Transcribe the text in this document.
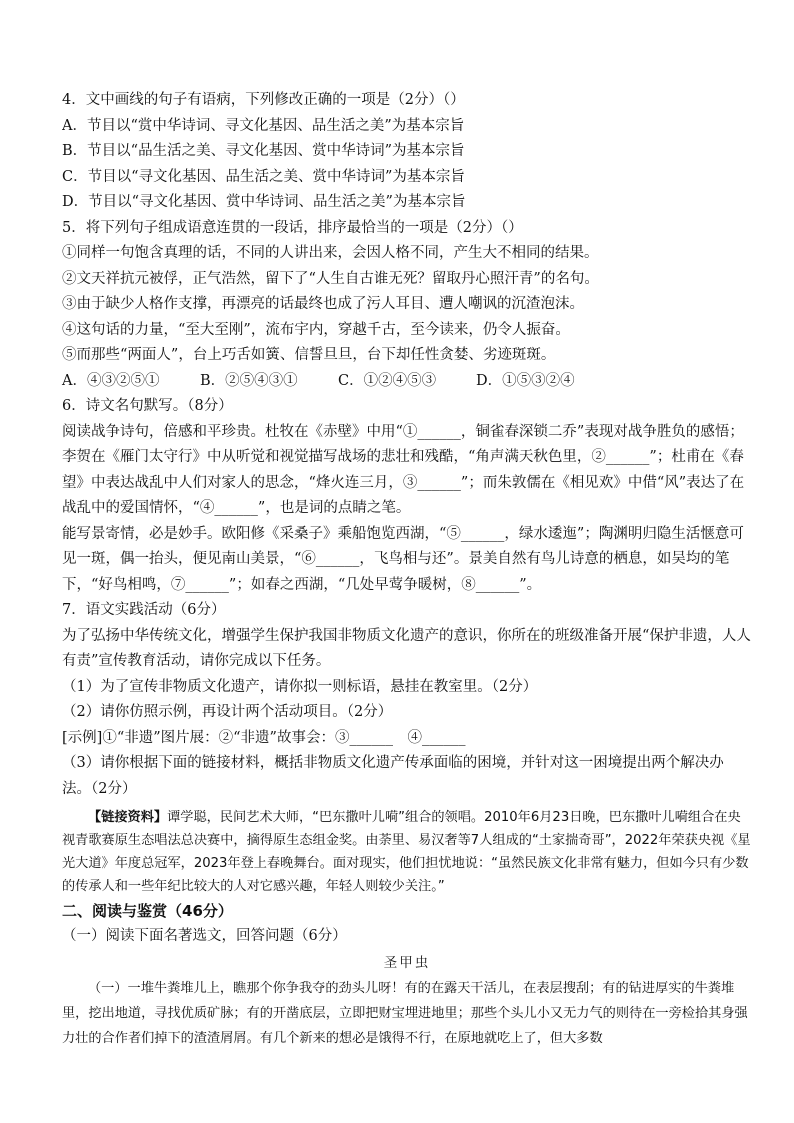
4．文中画线的句子有语病，下列修改正确的一项是（2分）（）
A．节目以“赏中华诗词、寻文化基因、品生活之美”为基本宗旨
B．节目以“品生活之美、寻文化基因、赏中华诗词”为基本宗旨
C．节目以“寻文化基因、品生活之美、赏中华诗词”为基本宗旨
D．节目以“寻文化基因、赏中华诗词、品生活之美”为基本宗旨
5．将下列句子组成语意连贯的一段话，排序最恰当的一项是（2分）（）
①同样一句饱含真理的话，不同的人讲出来，会因人格不同，产生大不相同的结果。
②文天祥抗元被俘，正气浩然，留下了“人生自古谁无死？留取丹心照汗青”的名句。
③由于缺少人格作支撑，再漂亮的话最终也成了污人耳目、遭人嘲讽的沉渣泡沫。
④这句话的力量，“至大至刚”，流布宇内，穿越千古，至今读来，仍令人振奋。
⑤而那些“两面人”，台上巧舌如簧、信誓旦旦，台下却任性贪婪、劣迹斑斑。
A．④③②⑤①	B．②⑤④③①	C．①②④⑤③	D．①⑤③②④
6．诗文名句默写。（8分）
阅读战争诗句，倍感和平珍贵。杜牧在《赤壁》中用“①______，铜雀春深锁二乔”表现对战争胜负的感悟；李贺在《雁门太守行》中从听觉和视觉描写战场的悲壮和残酷，“角声满天秋色里，②______”；杜甫在《春望》中表达战乱中人们对家人的思念，“烽火连三月，③______”；而朱敦儒在《相见欢》中借“风”表达了在战乱中的爱国情怀，“④______”，也是词的点睛之笔。
能写景寄情，必是妙手。欧阳修《采桑子》乘船饱览西湖，“⑤______，绿水逶迤”；陶渊明归隐生活惬意可见一斑，偶一抬头，便见南山美景，“⑥______，飞鸟相与还”。景美自然有鸟儿诗意的栖息，如吴均的笔下，“好鸟相鸣，⑦______”；如春之西湖，“几处早莺争暖树，⑧______”。
7．语文实践活动（6分）
为了弘扬中华传统文化，增强学生保护我国非物质文化遗产的意识，你所在的班级准备开展“保护非遗，人人有责”宣传教育活动，请你完成以下任务。
（1）为了宣传非物质文化遗产，请你拟一则标语，悬挂在教室里。（2分）
（2）请你仿照示例，再设计两个活动项目。（2分）
[示例]①“非遗”图片展：②“非遗”故事会：③______　④______
（3）请你根据下面的链接材料，概括非物质文化遗产传承面临的困境，并针对这一困境提出两个解决办法。（2分）
【链接资料】谭学聪，民间艺术大师，“巴东撒叶儿嗬”组合的领唱。2010年6月23日晚，巴东撒叶儿嗬组合在央视青歌赛原生态唱法总决赛中，摘得原生态组金奖。由荼里、易汉奢等7人组成的“土家揣奇哥”，2022年荣获央视《星光大道》年度总冠军，2023年登上春晚舞台。面对现实，他们担忧地说：“虽然民族文化非常有魅力，但如今只有少数的传承人和一些年纪比较大的人对它感兴趣，年轻人则较少关注。”
二、阅读与鉴赏（46分）
（一）阅读下面名著选文，回答问题（6分）
圣甲虫
（一）一堆牛粪堆儿上，瞧那个你争我夺的劲头儿呀！有的在露天干活儿，在表层搜刮；有的钻进厚实的牛粪堆里，挖出地道，寻找优质矿脉；有的开凿底层，立即把财宝埋进地里；那些个头儿小又无力气的则待在一旁检拾其身强力壮的合作者们掉下的渣渣屑屑。有几个新来的想必是饿得不行，在原地就吃上了，但大多数
